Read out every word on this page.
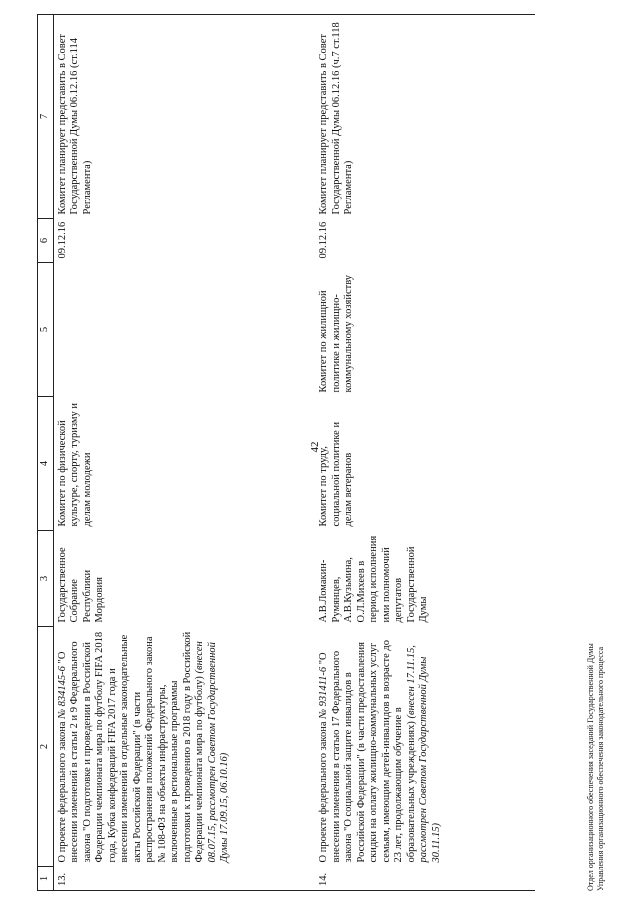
42
1	2	3	4	5	6	7
13.	О проекте федерального закона № 834145-6 "О внесении изменений в статьи 2 и 9 Федерального закона "О подготовке и проведении в Российской Федерации чемпионата мира по футболу FIFA 2018 года, Кубка конфедераций FIFA 2017 года и внесении изменений в отдельные законодательные акты Российской Федерации" (в части распространения положений Федерального закона № 108-ФЗ на объекты инфраструктуры, включенные в региональные программы подготовки к проведению в 2018 году в Российской Федерации чемпионата мира по футболу) (внесен 08.07.15, рассмотрен Советом Государственной Думы 17.09.15, 06.10.16)	Государственное Собрание Республики Мордовия	Комитет по физической культуре, спорту, туризму и делам молодежи		09.12.16	Комитет планирует представить в Совет Государственной Думы 06.12.16 (ст.114 Регламента)
14.	О проекте федерального закона № 931411-6 "О внесении изменения в статью 17 Федерального закона "О социальной защите инвалидов в Российской Федерации" (в части предоставления скидки на оплату жилищно-коммунальных услуг семьям, имеющим детей-инвалидов в возрасте до 23 лет, продолжающим обучение в образовательных учреждениях) (внесен 17.11.15, рассмотрен Советом Государственной Думы 30.11.15)	А.В.Ломакин-Румянцев, А.В.Кузьмина, О.Л.Михеев в период исполнения ими полномочий депутатов Государственной Думы	Комитет по труду, социальной политике и делам ветеранов	Комитет по жилищной политике и жилищно-коммунальному хозяйству	09.12.16	Комитет планирует представить в Совет Государственной Думы 06.12.16 (ч.7 ст.118 Регламента)
Отдел организационного обеспечения заседаний Государственной Думы Управления организационного обеспечения законодательного процесса
